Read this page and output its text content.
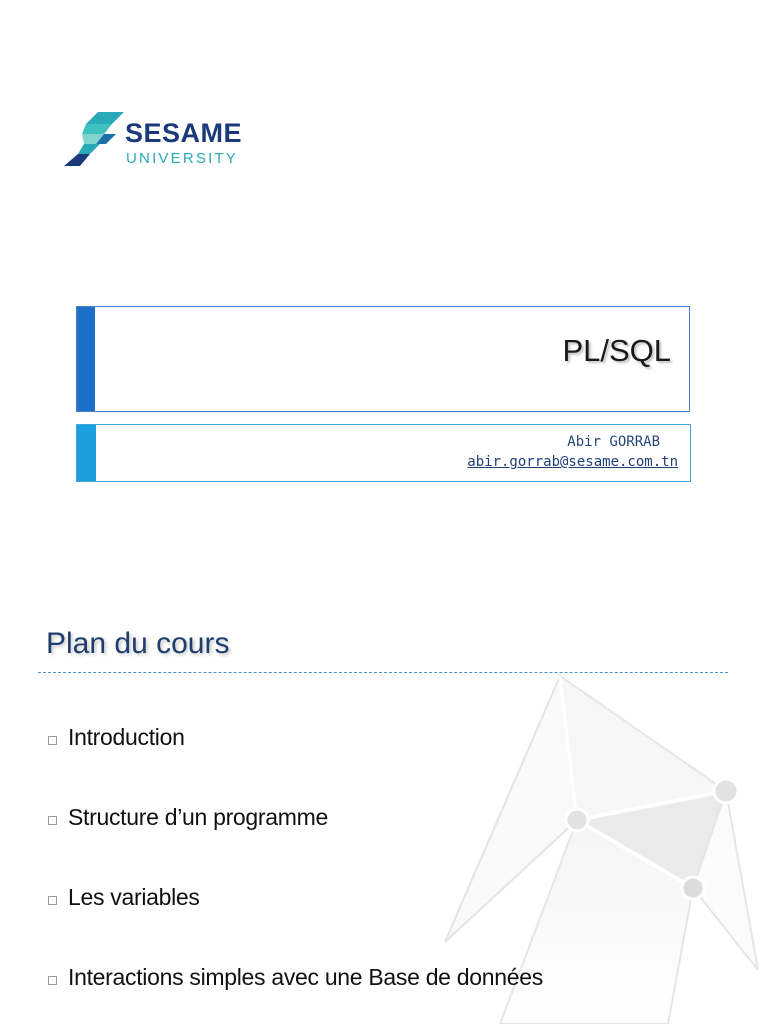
SESAME
UNIVERSITY
PL/SQL
Abir GORRAB
abir.gorrab@sesame.com.tn
Plan du cours
Introduction
Structure d’un programme
Les variables
Interactions simples avec une Base de données
